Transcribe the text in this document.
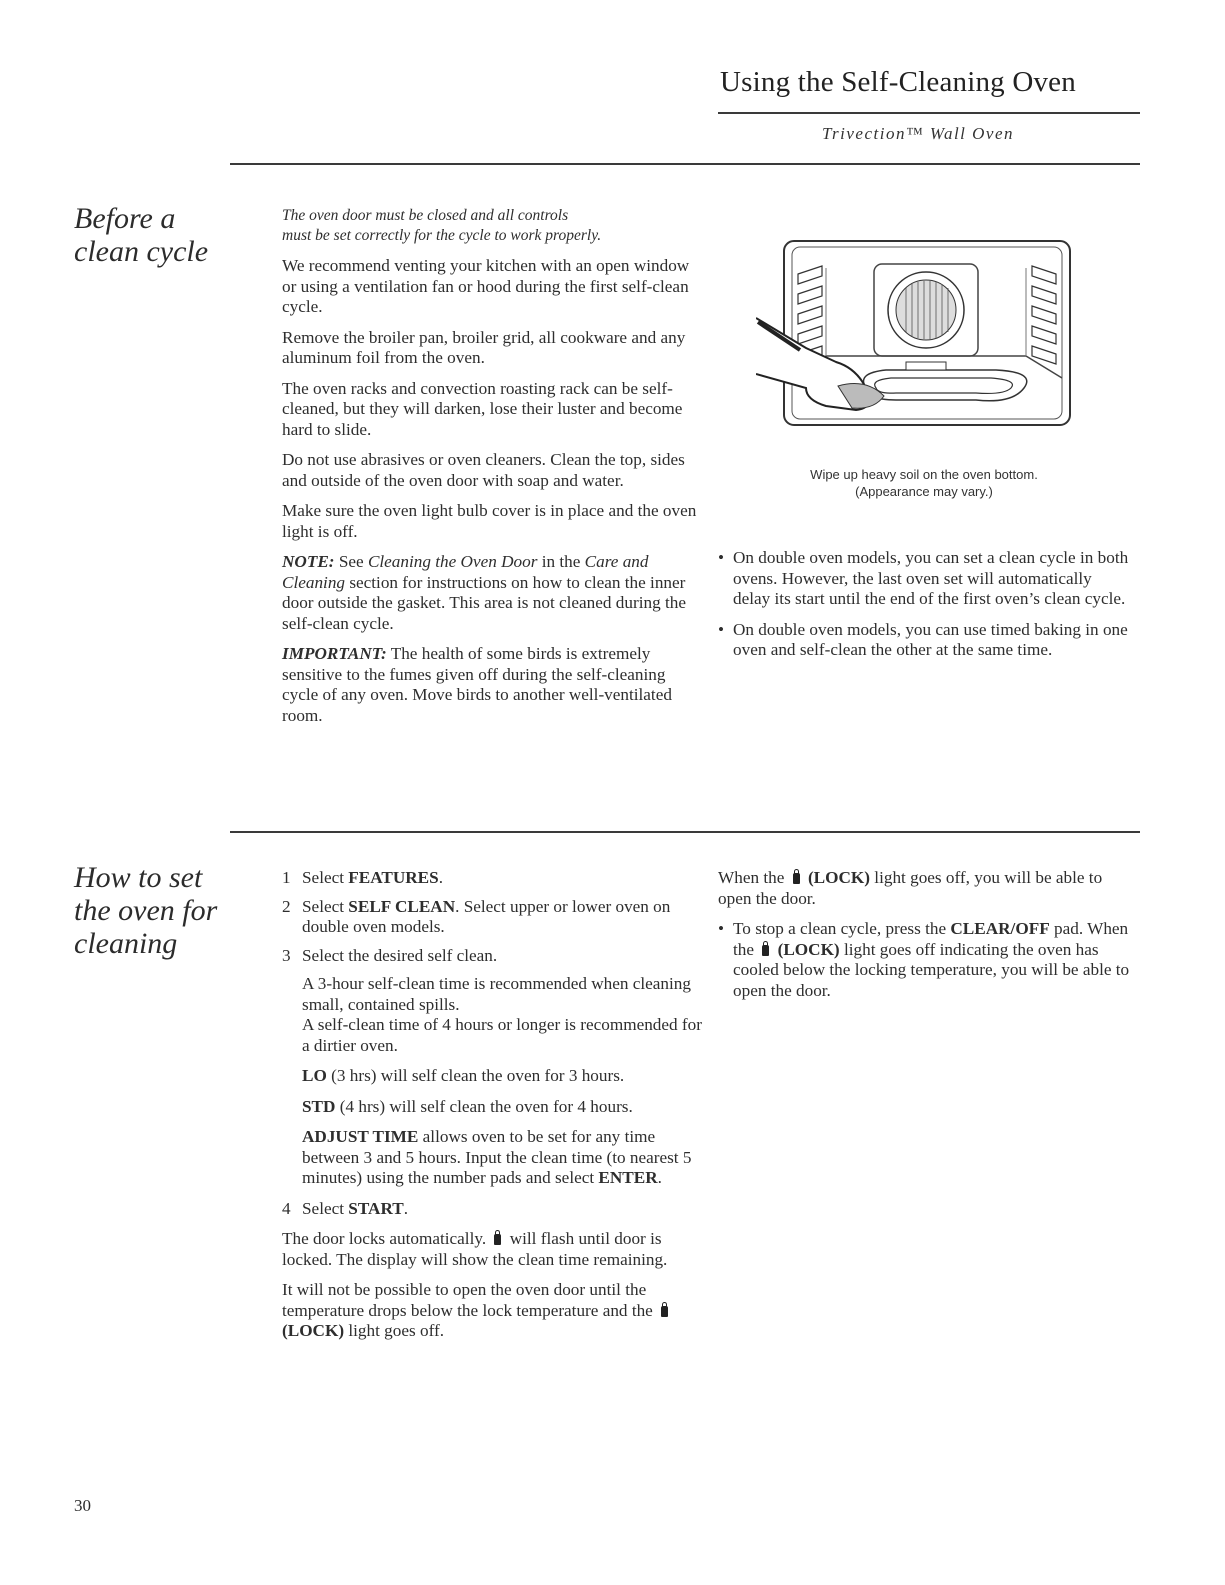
Using the Self-Cleaning Oven
Trivection™ Wall Oven
Before a
clean cycle

The oven door must be closed and all controls
must be set correctly for the cycle to work properly.

We recommend venting your kitchen with an open window or using a ventilation fan or hood during the first self-clean cycle.

Remove the broiler pan, broiler grid, all cookware and any aluminum foil from the oven.

The oven racks and convection roasting rack can be self-cleaned, but they will darken, lose their luster and become hard to slide.

Do not use abrasives or oven cleaners. Clean the top, sides and outside of the oven door with soap and water.

Make sure the oven light bulb cover is in place and the oven light is off.

NOTE: See Cleaning the Oven Door in the Care and Cleaning section for instructions on how to clean the inner door outside the gasket. This area is not cleaned during the self-clean cycle.

IMPORTANT: The health of some birds is extremely sensitive to the fumes given off during the self-cleaning cycle of any oven. Move birds to another well-ventilated room.

Wipe up heavy soil on the oven bottom.
(Appearance may vary.)
• On double oven models, you can set a clean cycle in both ovens. However, the last oven set will automatically delay its start until the end of the first oven’s clean cycle.
• On double oven models, you can use timed baking in one oven and self-clean the other at the same time.
How to set
the oven for
cleaning
1 Select FEATURES.
2 Select SELF CLEAN. Select upper or lower oven on double oven models.
3 Select the desired self clean.
A 3-hour self-clean time is recommended when cleaning small, contained spills.
A self-clean time of 4 hours or longer is recommended for a dirtier oven.

LO (3 hrs) will self clean the oven for 3 hours.

STD (4 hrs) will self clean the oven for 4 hours.

ADJUST TIME allows oven to be set for any time between 3 and 5 hours. Input the clean time (to nearest 5 minutes) using the number pads and select ENTER.

4 Select START.

The door locks automatically. will flash until door is locked. The display will show the clean time remaining.

It will not be possible to open the oven door until the temperature drops below the lock temperature and the  (LOCK) light goes off.

When the (LOCK) light goes off, you will be able to open the door.

• To stop a clean cycle, press the CLEAR/OFF pad. When the (LOCK) light goes off indicating the oven has cooled below the locking temperature, you will be able to open the door.
30
